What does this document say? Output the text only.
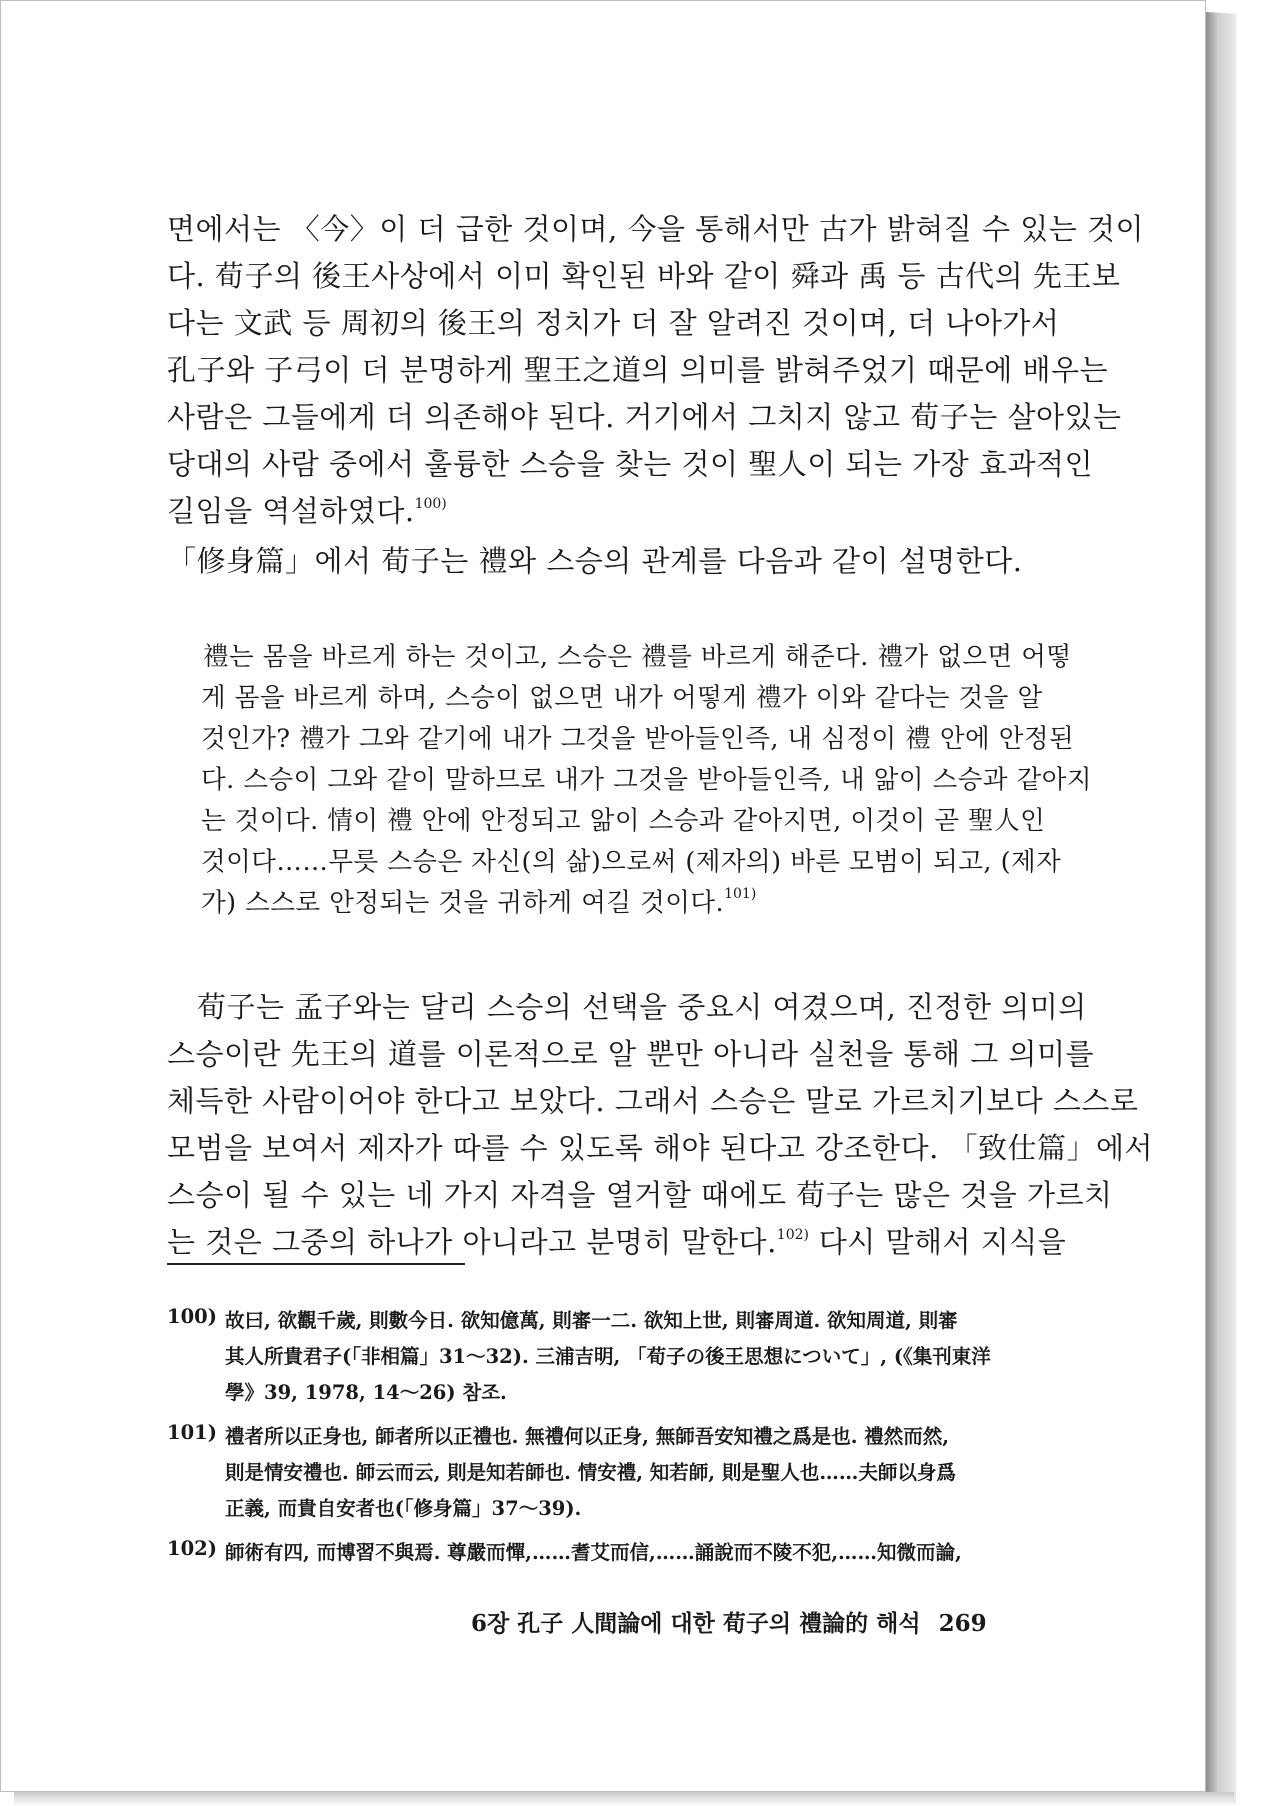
면에서는 〈今〉이 더 급한 것이며, 今을 통해서만 古가 밝혀질 수 있는 것이
다. 荀子의 後王사상에서 이미 확인된 바와 같이 舜과 禹 등 古代의 先王보
다는 文武 등 周初의 後王의 정치가 더 잘 알려진 것이며, 더 나아가서
孔子와 子弓이 더 분명하게 聖王之道의 의미를 밝혀주었기 때문에 배우는
사람은 그들에게 더 의존해야 된다. 거기에서 그치지 않고 荀子는 살아있는
당대의 사람 중에서 훌륭한 스승을 찾는 것이 聖人이 되는 가장 효과적인
길임을 역설하였다.$^{100)}$
「修身篇」에서 荀子는 禮와 스승의 관계를 다음과 같이 설명한다.
禮는 몸을 바르게 하는 것이고, 스승은 禮를 바르게 해준다. 禮가 없으면 어떻
게 몸을 바르게 하며, 스승이 없으면 내가 어떻게 禮가 이와 같다는 것을 알
것인가? 禮가 그와 같기에 내가 그것을 받아들인즉, 내 심정이 禮 안에 안정된
다. 스승이 그와 같이 말하므로 내가 그것을 받아들인즉, 내 앎이 스승과 같아지
는 것이다. 情이 禮 안에 안정되고 앎이 스승과 같아지면, 이것이 곧 聖人인
것이다……무릇 스승은 자신(의 삶)으로써 (제자의) 바른 모범이 되고, (제자
가) 스스로 안정되는 것을 귀하게 여길 것이다.$^{101)}$
荀子는 孟子와는 달리 스승의 선택을 중요시 여겼으며, 진정한 의미의
스승이란 先王의 道를 이론적으로 알 뿐만 아니라 실천을 통해 그 의미를
체득한 사람이어야 한다고 보았다. 그래서 스승은 말로 가르치기보다 스스로
모범을 보여서 제자가 따를 수 있도록 해야 된다고 강조한다. 「致仕篇」에서
스승이 될 수 있는 네 가지 자격을 열거할 때에도 荀子는 많은 것을 가르치
는 것은 그중의 하나가 아니라고 분명히 말한다.$^{102)}$ 다시 말해서 지식을
100) 故曰, 欲觀千歲, 則數今日. 欲知億萬, 則審一二. 欲知上世, 則審周道. 欲知周道, 則審
其人所貴君子(「非相篇」31～32). 三浦吉明, 「荀子の後王思想について」, (《集刊東洋
學》39, 1978, 14～26) 참조.
101) 禮者所以正身也, 師者所以正禮也. 無禮何以正身, 無師吾安知禮之爲是也. 禮然而然,
則是情安禮也. 師云而云, 則是知若師也. 情安禮, 知若師, 則是聖人也……夫師以身爲
正義, 而貴自安者也(「修身篇」37～39).
102) 師術有四, 而博習不與焉. 尊嚴而憚,……耆艾而信,……誦說而不陵不犯,……知微而論,
6장 孔子 人間論에 대한 荀子의 禮論的 해석 269
